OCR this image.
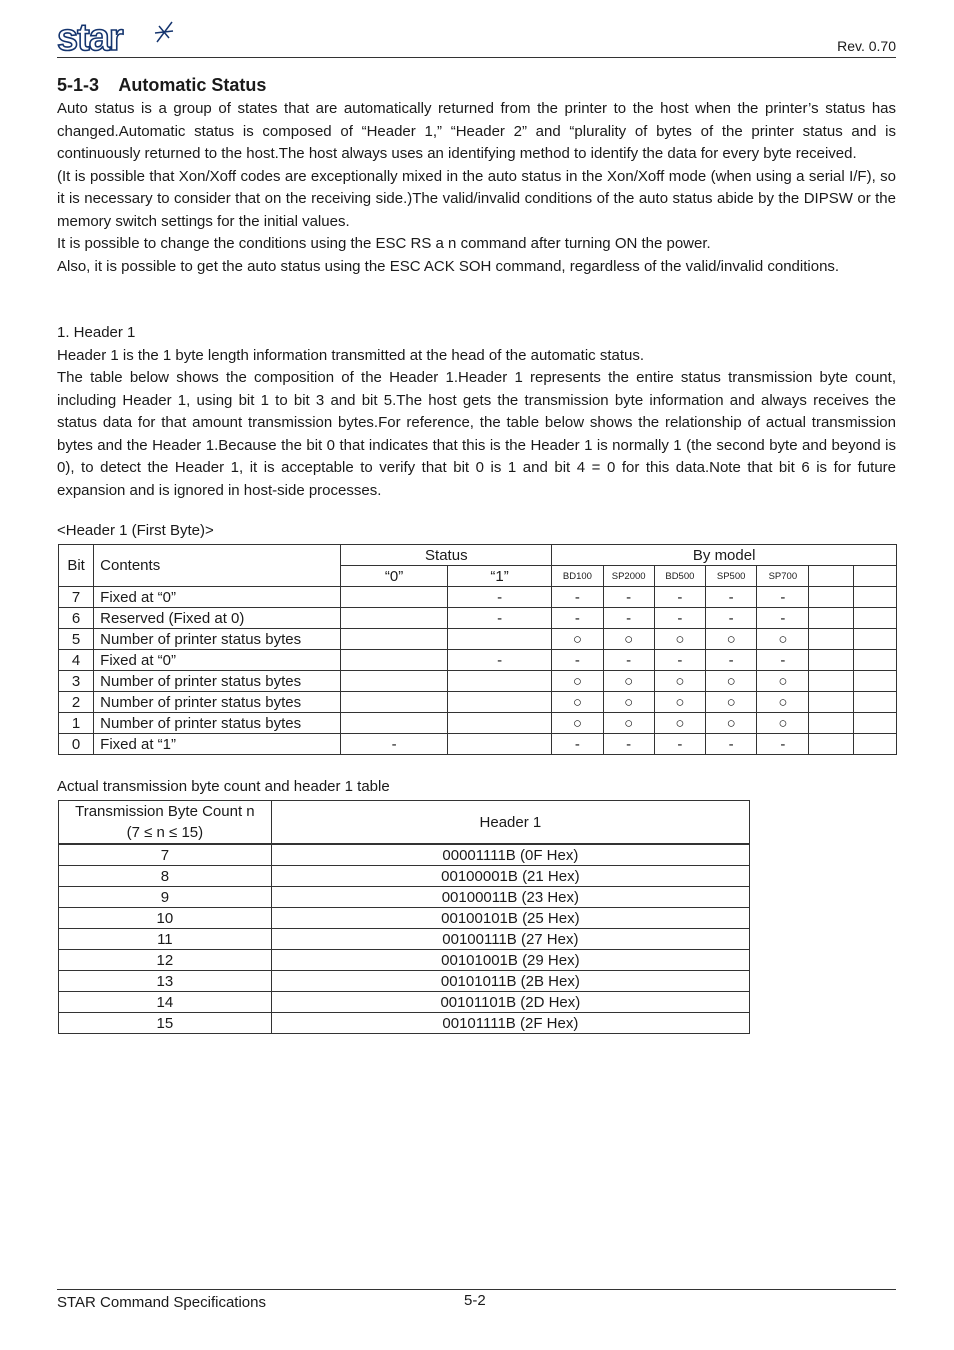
star	Rev. 0.70
5-1-3 Automatic Status

Auto status is a group of states that are automatically returned from the printer to the host when the printer’s status has changed.Automatic status is composed of “Header 1,” “Header 2” and “plurality of bytes of the printer status and is continuously returned to the host.The host always uses an identifying method to identify the data for every byte received.

(It is possible that Xon/Xoff codes are exceptionally mixed in the auto status in the Xon/Xoff mode (when using a serial I/F), so it is necessary to consider that on the receiving side.)The valid/invalid conditions of the auto status abide by the DIPSW or the memory switch settings for the initial values.

It is possible to change the conditions using the ESC RS a n command after turning ON the power.

Also, it is possible to get the auto status using the ESC ACK SOH command, regardless of the valid/invalid conditions.

1. Header 1

Header 1 is the 1 byte length information transmitted at the head of the automatic status.

The table below shows the composition of the Header 1.Header 1 represents the entire status transmission byte count, including Header 1, using bit 1 to bit 3 and bit 5.The host gets the transmission byte information and always receives the status data for that amount transmission bytes.For reference, the table below shows the relationship of actual transmission bytes and the Header 1.Because the bit 0 that indicates that this is the Header 1 is normally 1 (the second byte and beyond is 0), to detect the Header 1, it is acceptable to verify that bit 0 is 1 and bit 4 = 0 for this data.Note that bit 6 is for future expansion and is ignored in host-side processes.

<Header 1 (First Byte)>
Bit	Contents	Status		By model						
		“0”	“1”	BD100	SP2000	BD500	SP500	SP700		
7	Fixed at “0”		-	-	-	-	-	-		
6	Reserved (Fixed at 0)		-	-	-	-	-	-		
5	Number of printer status bytes			○	○	○	○	○		
4	Fixed at “0”		-	-	-	-	-	-		
3	Number of printer status bytes			○	○	○	○	○		
2	Number of printer status bytes			○	○	○	○	○		
1	Number of printer status bytes			○	○	○	○	○		
0	Fixed at “1”	-		-	-	-	-	-		
Actual transmission byte count and header 1 table
Transmission Byte Count n
(7 ≤ n ≤ 15)	Header 1
7	00001111B (0F Hex)
8	00100001B (21 Hex)
9	00100011B (23 Hex)
10	00100101B (25 Hex)
11	00100111B (27 Hex)
12	00101001B (29 Hex)
13	00101011B (2B Hex)
14	00101101B (2D Hex)
15	00101111B (2F Hex)
STAR Command Specifications	5-2
